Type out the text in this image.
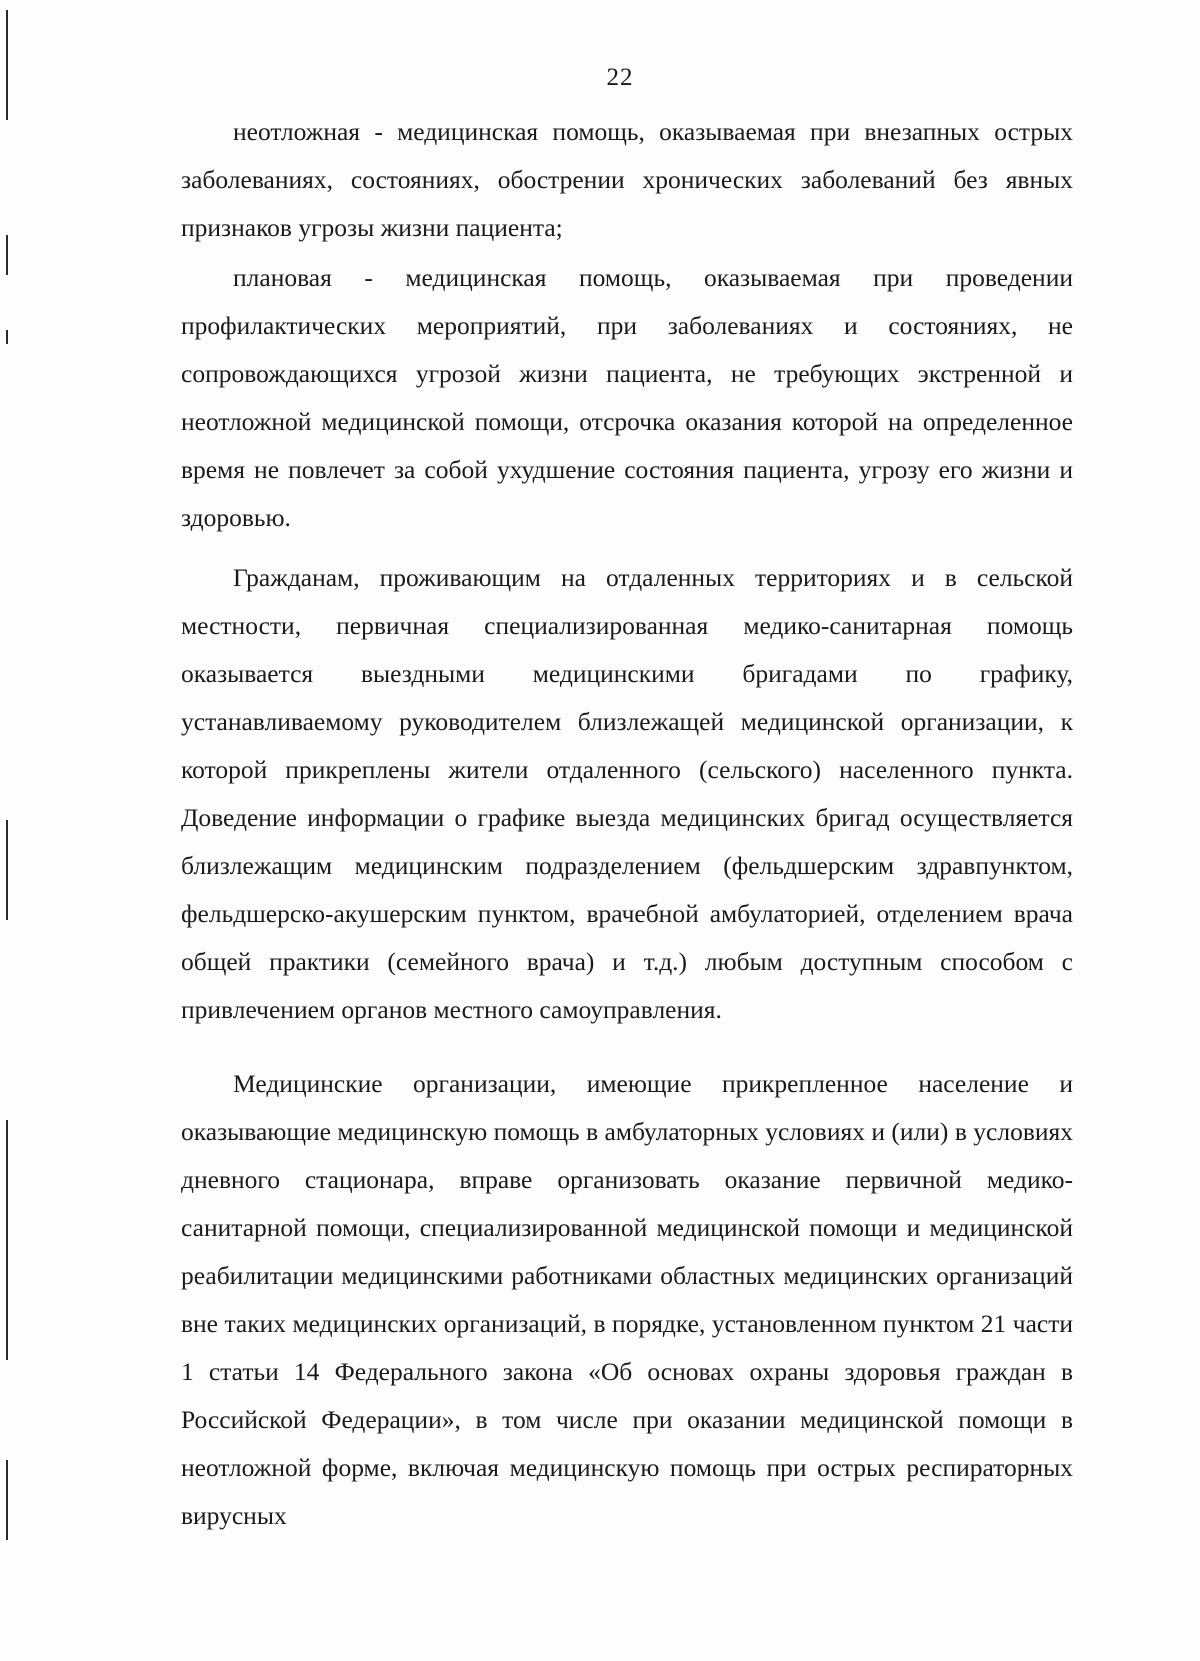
22

неотложная - медицинская помощь, оказываемая при внезапных острых заболеваниях, состояниях, обострении хронических заболеваний без явных признаков угрозы жизни пациента;

плановая - медицинская помощь, оказываемая при проведении профилактических мероприятий, при заболеваниях и состояниях, не сопровождающихся угрозой жизни пациента, не требующих экстренной и неотложной медицинской помощи, отсрочка оказания которой на определенное время не повлечет за собой ухудшение состояния пациента, угрозу его жизни и здоровью.

Гражданам, проживающим на отдаленных территориях и в сельской местности, первичная специализированная медико-санитарная помощь оказывается выездными медицинскими бригадами по графику, устанавливаемому руководителем близлежащей медицинской организации, к которой прикреплены жители отдаленного (сельского) населенного пункта. Доведение информации о графике выезда медицинских бригад осуществляется близлежащим медицинским подразделением (фельдшерским здравпунктом, фельдшерско-акушерским пунктом, врачебной амбулаторией, отделением врача общей практики (семейного врача) и т.д.) любым доступным способом с привлечением органов местного самоуправления.

Медицинские организации, имеющие прикрепленное население и оказывающие медицинскую помощь в амбулаторных условиях и (или) в условиях дневного стационара, вправе организовать оказание первичной медико-санитарной помощи, специализированной медицинской помощи и медицинской реабилитации медицинскими работниками областных медицинских организаций вне таких медицинских организаций, в порядке, установленном пунктом 21 части 1 статьи 14 Федерального закона «Об основах охраны здоровья граждан в Российской Федерации», в том числе при оказании медицинской помощи в неотложной форме, включая медицинскую помощь при острых респираторных вирусных
